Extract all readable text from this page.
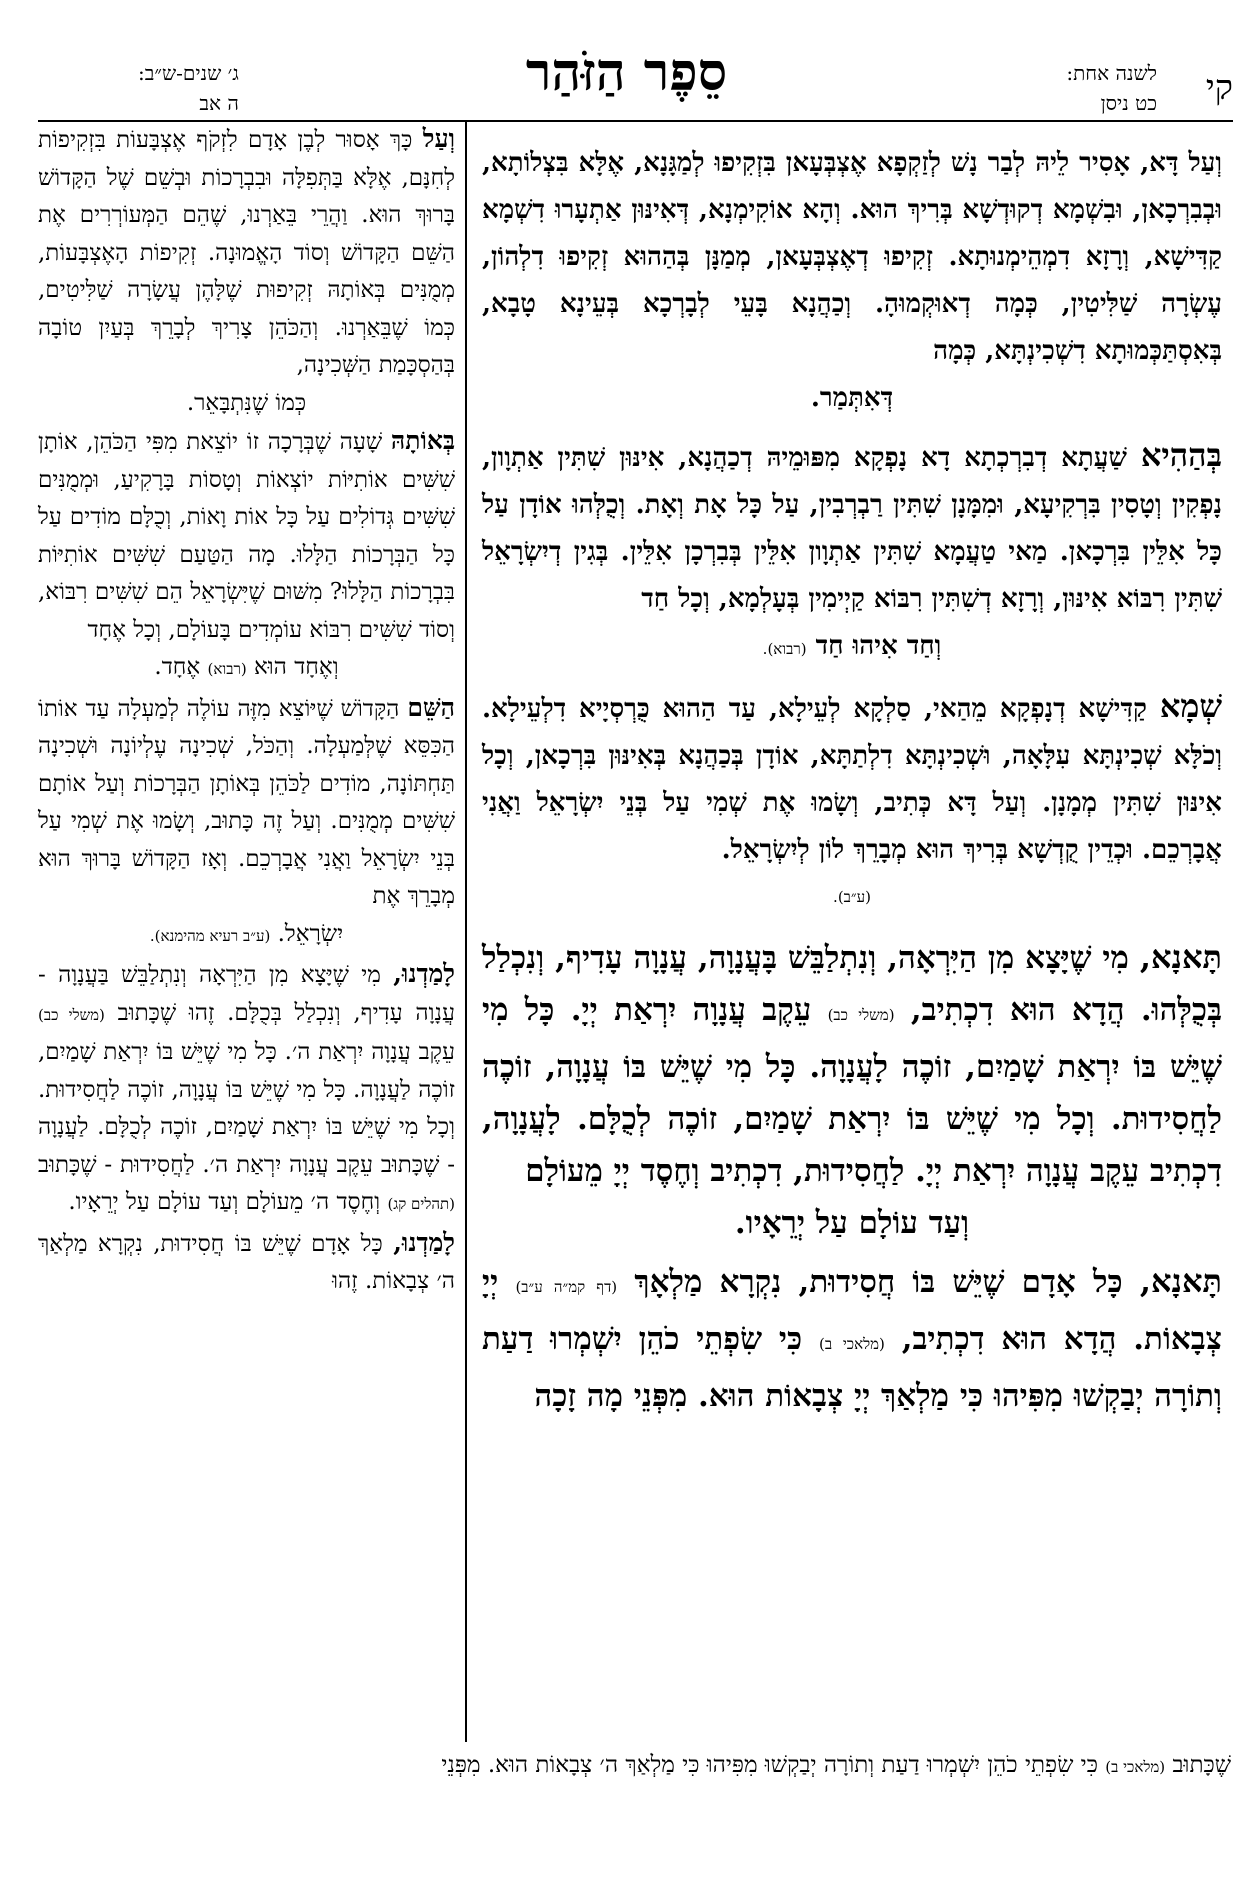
קי
לשנה אחת:
כט ניסן
סֵפֶר הַזֹּהַר
ג׳ שנים-ש״ב:
ה אב

וְעַל דָּא, אָסִיר לֵיהּ לְבַר נָשׁ לְזַקְפָא אֶצְבְּעָאן בִּזְקִיפוּ לְמַגָּנָא, אֶלָּא בִּצְלוֹתָא, וּבְבִרְכָאן, וּבִשְׁמָא דְקוּדְשָׁא בְּרִיךְ הוּא. וְהָא אוֹקִימְנָא, דְּאִינּוּן אַתְעָרוּ דִשְׁמָא קַדִּישָׁא, וְרָזָא דִמְהֵימְנוּתָא. זְקִיפוּ דְאֶצְבְּעָאן, מְמַנָּן בְּהַהוּא זְקִיפוּ דִלְהוֹן, עֶשְׂרָה שַׁלִּיטִין, כְּמָה דְאוּקְמוּהָ. וְכַהֲנָא בָּעֵי לְבָרְכָא בְּעֵינָא טָבָא, בְּאִסְתַּכְּמוּתָא דִשְׁכִינְתָּא, כְּמָה
דְּאִתְּמַר.

בְּהַהִיא שַׁעֲתָא דְבִרְכְתָא דָא נָפְקָא מִפּוּמֵיהּ דְכַהֲנָא, אִינּוּן שִׁתִּין אַתְוָון, נָפְקִין וְטָסִין בִּרְקִיעָא, וּמִמָּנָן שִׁתִּין רַבְרְבִין, עַל כָּל אָת וְאָת. וְכֻלְּהוּ אוֹדָן עַל כָּל אִלֵּין בִּרְכָאן. מַאי טַעֲמָא שִׁתִּין אַתְוָון אִלֵּין בְּבִרְכָן אִלֵּין. בְּגִין דְיִשְׂרָאֵל שִׁתִּין רִבּוֹא אִינּוּן, וְרָזָא דְשִׁתִּין רִבּוֹא קַיְימִין בְּעָלְמָא, וְכָל חַד
וְחַד אִיהוּ חַד (רבוא).

שְׁמָא קַדִּישָׁא דְנָפְקָא מֵהַאי, סַלְקָא לְעֵילָא, עַד הַהוּא כֻּרְסְיָיא דִלְעֵילָא. וְכֹלָּא שְׁכִינְתָּא עִלָּאָה, וּשְׁכִינְתָּא דִלְתַתָּא, אוֹדָן בְּכַהֲנָא בְּאִינּוּן בִּרְכָאן, וְכָל אִינּוּן שִׁתִּין מְמָנָן. וְעַל דָּא כְּתִיב, וְשָׂמוּ אֶת שְׁמִי עַל בְּנֵי יִשְׂרָאֵל וַאֲנִי אֲבָרְכֵם. וּכְדֵין קֻדְשָׁא בְּרִיךְ הוּא מְבָרֵךְ לוֹן לְיִשְׂרָאֵל.
(ע״ב).

תָּאנָא, מִי שֶׁיָּצָא מִן הַיִּרְאָה, וְנִתְלַבֵּשׁ בָּעֲנָוָה, עֲנָוָה עָדִיף, וְנִכְלַל בְּכֻלְּהוּ. הֲדָא הוּא דִכְתִיב, (משלי כב) עֵקֶב עֲנָוָה יִרְאַת יְיָ. כָּל מִי שֶׁיֵּשׁ בּוֹ יִרְאַת שָׁמַיִם, זוֹכֶה לָעֲנָוָה. כָּל מִי שֶׁיֵּשׁ בּוֹ עֲנָוָה, זוֹכֶה לַחֲסִידוּת. וְכָל מִי שֶׁיֵּשׁ בּוֹ יִרְאַת שָׁמַיִם, זוֹכֶה לְכֻלָּם. לָעֲנָוָה, דִכְתִיב עֵקֶב עֲנָוָה יִרְאַת יְיָ. לַחֲסִידוּת, דִכְתִיב וְחֶסֶד יְיָ מֵעוֹלָם
וְעַד עוֹלָם עַל יְרֵאָיו.

תָּאנָא, כָּל אָדָם שֶׁיֵּשׁ בּוֹ חֲסִידוּת, נִקְרָא מַלְאָךְ (דף קמ״ה ע״ב) יְיָ צְבָאוֹת. הֲדָא הוּא דִכְתִיב, (מלאכי ב) כִּי שִׂפְתֵי כֹהֵן יִשְׁמְרוּ דַעַת וְתוֹרָה יְבַקְשׁוּ מִפִּיהוּ כִּי מַלְאַךְ יְיָ צְבָאוֹת הוּא. מִפְּנֵי מָה זָכָה

וְעַל כָּךְ אָסוּר לְבֶן אָדָם לִזְקֹף אֶצְבָּעוֹת בִּזְקִיפוֹת לְחִנָּם, אֶלָּא בַּתְּפִלָּה וּבִבְרָכוֹת וּבְשֵׁם שֶׁל הַקָּדוֹשׁ בָּרוּךְ הוּא. וַהֲרֵי בֵּאַרְנוּ, שֶׁהֵם הַמְּעוֹרְרִים אֶת הַשֵּׁם הַקָּדוֹשׁ וְסוֹד הָאֱמוּנָה. זְקִיפוֹת הָאֶצְבָּעוֹת, מְמֻנִּים בְּאוֹתָהּ זְקִיפוּת שֶׁלָּהֶן עֲשָׂרָה שַׁלִּיטִים, כְּמוֹ שֶׁבֵּאַרְנוּ. וְהַכֹּהֵן צָרִיךְ לְבָרֵךְ בְּעַיִן טוֹבָה בְּהַסְכָּמַת הַשְּׁכִינָה,
כְּמוֹ שֶׁנִּתְבָּאֵר.

בְּאוֹתָהּ שָׁעָה שֶׁבְּרָכָה זוֹ יוֹצֵאת מִפִּי הַכֹּהֵן, אוֹתָן שִׁשִּׁים אוֹתִיּוֹת יוֹצְאוֹת וְטָסוֹת בָּרָקִיעַ, וּמְמֻנִּים שִׁשִּׁים גְּדוֹלִים עַל כָּל אוֹת וָאוֹת, וְכֻלָּם מוֹדִים עַל כָּל הַבְּרָכוֹת הַלָּלוּ. מָה הַטַּעַם שִׁשִּׁים אוֹתִיּוֹת בִּבְרָכוֹת הַלָּלוּ? מִשּׁוּם שֶׁיִּשְׂרָאֵל הֵם שִׁשִּׁים רִבּוֹא, וְסוֹד שִׁשִּׁים רִבּוֹא עוֹמְדִים בָּעוֹלָם, וְכָל אֶחָד
וְאֶחָד הוּא (רבוא) אֶחָד.

הַשֵּׁם הַקָּדוֹשׁ שֶׁיּוֹצֵא מִזֶּה עוֹלֶה לְמַעְלָה עַד אוֹתוֹ הַכִּסֵּא שֶׁלְּמַעְלָה. וְהַכֹּל, שְׁכִינָה עֶלְיוֹנָה וּשְׁכִינָה תַּחְתּוֹנָה, מוֹדִים לַכֹּהֵן בְּאוֹתָן הַבְּרָכוֹת וְעַל אוֹתָם שִׁשִּׁים מְמֻנִּים. וְעַל זֶה כָּתוּב, וְשָׂמוּ אֶת שְׁמִי עַל בְּנֵי יִשְׂרָאֵל וַאֲנִי אֲבָרְכֵם. וְאָז הַקָּדוֹשׁ בָּרוּךְ הוּא מְבָרֵךְ אֶת
יִשְׂרָאֵל. (ע״ב רעיא מהימנא).

לָמַדְנוּ, מִי שֶׁיָּצָא מִן הַיִּרְאָה וְנִתְלַבֵּשׁ בַּעֲנָוָה - עֲנָוָה עָדִיף, וְנִכְלַל בְּכֻלָּם. זֶהוּ שֶׁכָּתוּב (משלי כב) עֵקֶב עֲנָוָה יִרְאַת ה׳. כָּל מִי שֶׁיֵּשׁ בּוֹ יִרְאַת שָׁמַיִם, זוֹכֶה לַעֲנָוָה. כָּל מִי שֶׁיֵּשׁ בּוֹ עֲנָוָה, זוֹכֶה לַחֲסִידוּת. וְכָל מִי שֶׁיֵּשׁ בּוֹ יִרְאַת שָׁמַיִם, זוֹכֶה לְכֻלָּם. לַעֲנָוָה - שֶׁכָּתוּב עֵקֶב עֲנָוָה יִרְאַת ה׳. לַחֲסִידוּת - שֶׁכָּתוּב (תהלים קג) וְחֶסֶד ה׳ מֵעוֹלָם וְעַד עוֹלָם עַל יְרֵאָיו.

לָמַדְנוּ, כָּל אָדָם שֶׁיֵּשׁ בּוֹ חֲסִידוּת, נִקְרָא מַלְאַךְ ה׳ צְבָאוֹת. זֶהוּ

שֶׁכָּתוּב (מלאכי ב) כִּי שִׂפְתֵי כֹהֵן יִשְׁמְרוּ דַעַת וְתוֹרָה יְבַקְשׁוּ מִפִּיהוּ כִּי מַלְאַךְ ה׳ צְבָאוֹת הוּא. מִפְּנֵי
